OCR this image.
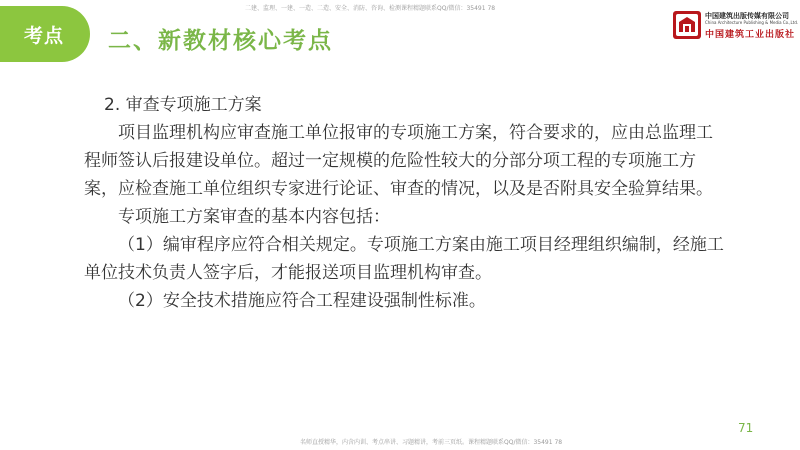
考点 二、新教材核心考点
二建、监理、一建、一造、二造、安全、消防、咨询、检测课程精题联系QQ/微信：35491 78
中国建筑出版传媒有限公司
China Architecture Publishing & Media Co.,Ltd.
中国建筑工业出版社

2. 审查专项施工方案

项目监理机构应审查施工单位报审的专项施工方案，符合要求的，应由总监理工程师签认后报建设单位。超过一定规模的危险性较大的分部分项工程的专项施工方案，应检查施工单位组织专家进行论证、审查的情况，以及是否附具安全验算结果。

专项施工方案审查的基本内容包括：

（1）编审程序应符合相关规定。专项施工方案由施工项目经理组织编制，经施工单位技术负责人签字后，才能报送项目监理机构审查。

（2）安全技术措施应符合工程建设强制性标准。

71
名师直授精华，内含内训、考点串讲、习题精讲，考前三页纸。课程精题联系QQ/微信：35491 78
